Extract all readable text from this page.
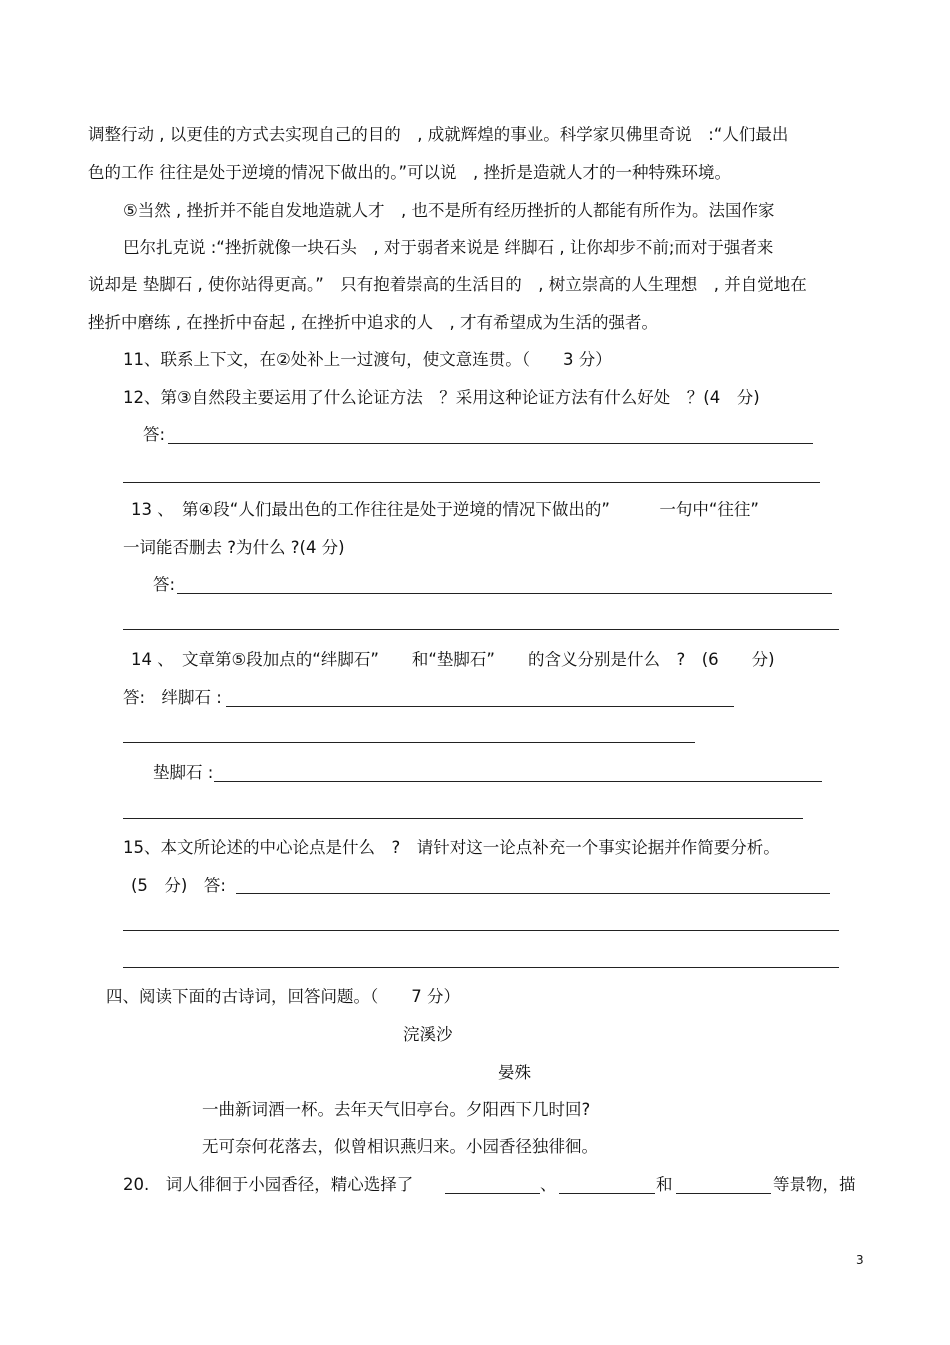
调整行动 , 以更佳的方式去实现自己的目的　, 成就辉煌的事业。科学家贝佛里奇说　:“人们最出
色的工作 往往是处于逆境的情况下做出的。”可以说　, 挫折是造就人才的一种特殊环境。
⑤当然 , 挫折并不能自发地造就人才　, 也不是所有经历挫折的人都能有所作为。法国作家
巴尔扎克说 :“挫折就像一块石头　, 对于弱者来说是 绊脚石 , 让你却步不前;而对于强者来
说却是 垫脚石 , 使你站得更高。”　只有抱着崇高的生活目的　, 树立崇高的人生理想　, 并自觉地在
挫折中磨练 , 在挫折中奋起 , 在挫折中追求的人　, 才有希望成为生活的强者。
11、联系上下文，在②处补上一过渡句，使文意连贯。（　　3 分）
12、第③自然段主要运用了什么论证方法　？采用这种论证方法有什么好处　？(4　分)
答:
13 、　第④段“人们最出色的工作往往是处于逆境的情况下做出的”　　　一句中“往往”
一词能否删去 ?为什么 ?(4 分)
答:
14 、　文章第⑤段加点的“绊脚石”　　和“垫脚石”　　的含义分别是什么　?　(6　　分)
答:　绊脚石 :
垫脚石 :
15、本文所论述的中心论点是什么　?　请针对这一论点补充一个事实论据并作简要分析。
(5　分)　答:
四、阅读下面的古诗词，回答问题。（　　7 分）
浣溪沙
晏殊
一曲新词酒一杯。去年天气旧亭台。夕阳西下几时回?
无可奈何花落去，似曾相识燕归来。小园香径独徘徊。
20.　词人徘徊于小园香径，精心选择了	、	和	等景物，描
3
